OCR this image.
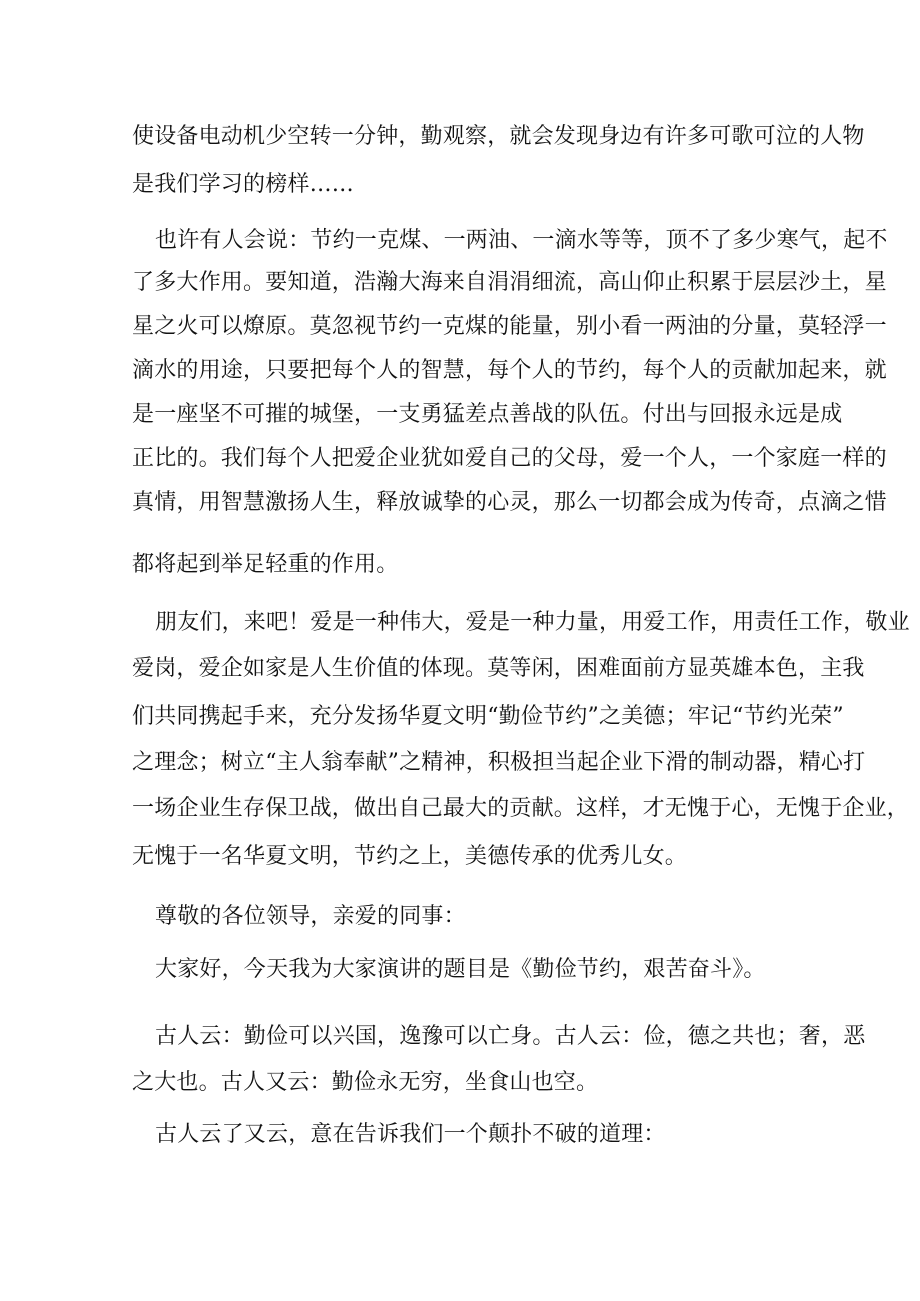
使设备电动机少空转一分钟，勤观察，就会发现身边有许多可歌可泣的人物
是我们学习的榜样……
也许有人会说：节约一克煤、一两油、一滴水等等，顶不了多少寒气，起不
了多大作用。要知道，浩瀚大海来自涓涓细流，高山仰止积累于层层沙土，星
星之火可以燎原。莫忽视节约一克煤的能量，别小看一两油的分量，莫轻浮一
滴水的用途，只要把每个人的智慧，每个人的节约，每个人的贡献加起来，就
是一座坚不可摧的城堡，一支勇猛差点善战的队伍。付出与回报永远是成
正比的。我们每个人把爱企业犹如爱自己的父母，爱一个人，一个家庭一样的
真情，用智慧激扬人生，释放诚挚的心灵，那么一切都会成为传奇，点滴之惜
都将起到举足轻重的作用。
朋友们，来吧！爱是一种伟大，爱是一种力量，用爱工作，用责任工作，敬业
爱岗，爱企如家是人生价值的体现。莫等闲，困难面前方显英雄本色，主我
们共同携起手来，充分发扬华夏文明“勤俭节约”之美德；牢记“节约光荣”
之理念；树立“主人翁奉献”之精神，积极担当起企业下滑的制动器，精心打
一场企业生存保卫战，做出自己最大的贡献。这样，才无愧于心，无愧于企业，
无愧于一名华夏文明，节约之上，美德传承的优秀儿女。
尊敬的各位领导，亲爱的同事：
大家好，今天我为大家演讲的题目是《勤俭节约，艰苦奋斗》。
古人云：勤俭可以兴国，逸豫可以亡身。古人云：俭，德之共也；奢，恶
之大也。古人又云：勤俭永无穷，坐食山也空。
古人云了又云，意在告诉我们一个颠扑不破的道理：
